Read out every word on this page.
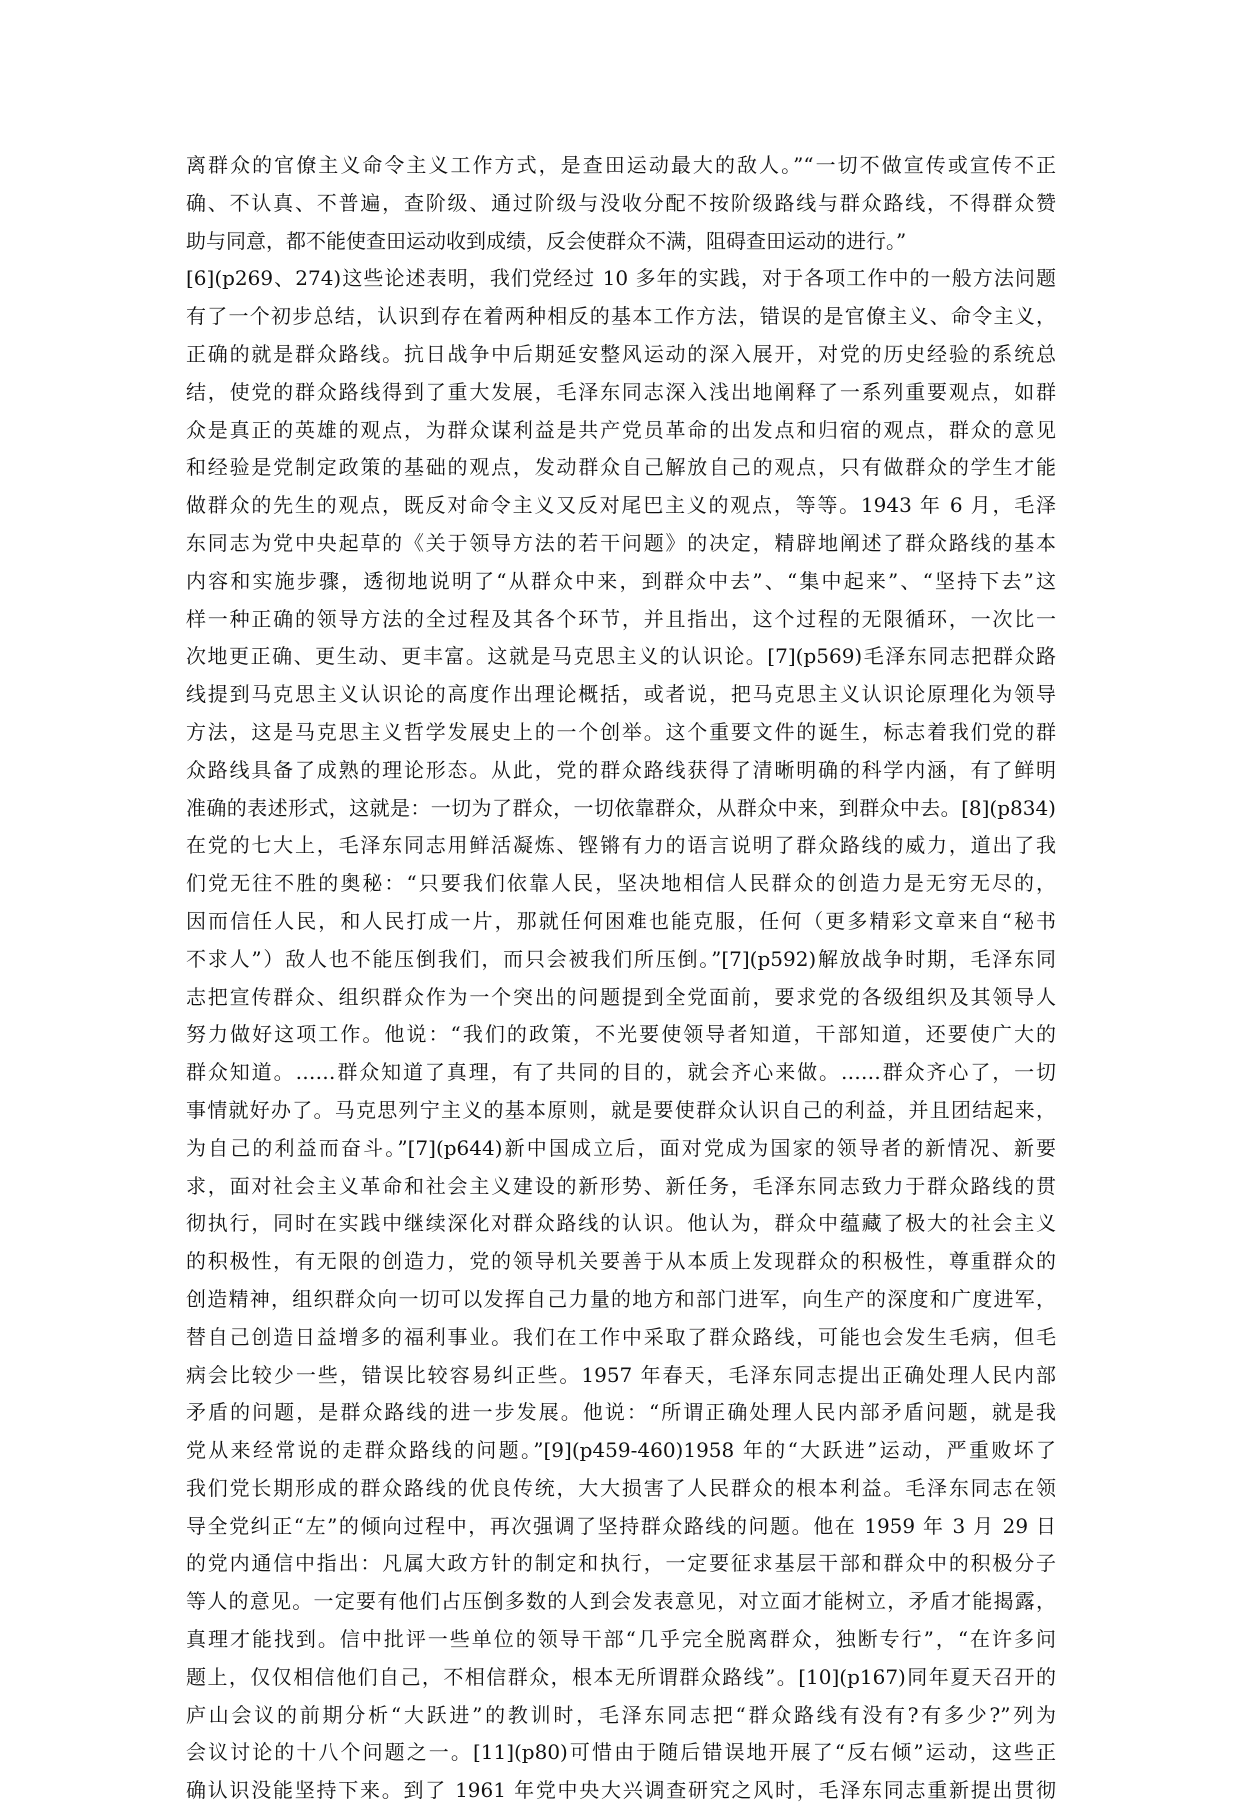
离群众的官僚主义命令主义工作方式，是查田运动最大的敌人。”“一切不做宣传或宣传不正
确、不认真、不普遍，查阶级、通过阶级与没收分配不按阶级路线与群众路线，不得群众赞
助与同意，都不能使查田运动收到成绩，反会使群众不满，阻碍查田运动的进行。”
[6](p269、274)这些论述表明，我们党经过 10 多年的实践，对于各项工作中的一般方法问题
有了一个初步总结，认识到存在着两种相反的基本工作方法，错误的是官僚主义、命令主义，
正确的就是群众路线。抗日战争中后期延安整风运动的深入展开，对党的历史经验的系统总
结，使党的群众路线得到了重大发展，毛泽东同志深入浅出地阐释了一系列重要观点，如群
众是真正的英雄的观点，为群众谋利益是共产党员革命的出发点和归宿的观点，群众的意见
和经验是党制定政策的基础的观点，发动群众自己解放自己的观点，只有做群众的学生才能
做群众的先生的观点，既反对命令主义又反对尾巴主义的观点，等等。1943 年 6 月，毛泽
东同志为党中央起草的《关于领导方法的若干问题》的决定，精辟地阐述了群众路线的基本
内容和实施步骤，透彻地说明了“从群众中来，到群众中去”、“集中起来”、“坚持下去”这
样一种正确的领导方法的全过程及其各个环节，并且指出，这个过程的无限循环，一次比一
次地更正确、更生动、更丰富。这就是马克思主义的认识论。[7](p569)毛泽东同志把群众路
线提到马克思主义认识论的高度作出理论概括，或者说，把马克思主义认识论原理化为领导
方法，这是马克思主义哲学发展史上的一个创举。这个重要文件的诞生，标志着我们党的群
众路线具备了成熟的理论形态。从此，党的群众路线获得了清晰明确的科学内涵，有了鲜明
准确的表述形式，这就是：一切为了群众，一切依靠群众，从群众中来，到群众中去。[8](p834)
在党的七大上，毛泽东同志用鲜活凝炼、铿锵有力的语言说明了群众路线的威力，道出了我
们党无往不胜的奥秘：“只要我们依靠人民，坚决地相信人民群众的创造力是无穷无尽的，
因而信任人民，和人民打成一片，那就任何困难也能克服，任何（更多精彩文章来自“秘书
不求人”）敌人也不能压倒我们，而只会被我们所压倒。”[7](p592)解放战争时期，毛泽东同
志把宣传群众、组织群众作为一个突出的问题提到全党面前，要求党的各级组织及其领导人
努力做好这项工作。他说：“我们的政策，不光要使领导者知道，干部知道，还要使广大的
群众知道。……群众知道了真理，有了共同的目的，就会齐心来做。……群众齐心了，一切
事情就好办了。马克思列宁主义的基本原则，就是要使群众认识自己的利益，并且团结起来，
为自己的利益而奋斗。”[7](p644)新中国成立后，面对党成为国家的领导者的新情况、新要
求，面对社会主义革命和社会主义建设的新形势、新任务，毛泽东同志致力于群众路线的贯
彻执行，同时在实践中继续深化对群众路线的认识。他认为，群众中蕴藏了极大的社会主义
的积极性，有无限的创造力，党的领导机关要善于从本质上发现群众的积极性，尊重群众的
创造精神，组织群众向一切可以发挥自己力量的地方和部门进军，向生产的深度和广度进军，
替自己创造日益增多的福利事业。我们在工作中采取了群众路线，可能也会发生毛病，但毛
病会比较少一些，错误比较容易纠正些。1957 年春天，毛泽东同志提出正确处理人民内部
矛盾的问题，是群众路线的进一步发展。他说：“所谓正确处理人民内部矛盾问题，就是我
党从来经常说的走群众路线的问题。”[9](p459-460)1958 年的“大跃进”运动，严重败坏了
我们党长期形成的群众路线的优良传统，大大损害了人民群众的根本利益。毛泽东同志在领
导全党纠正“左”的倾向过程中，再次强调了坚持群众路线的问题。他在 1959 年 3 月 29 日
的党内通信中指出：凡属大政方针的制定和执行，一定要征求基层干部和群众中的积极分子
等人的意见。一定要有他们占压倒多数的人到会发表意见，对立面才能树立，矛盾才能揭露，
真理才能找到。信中批评一些单位的领导干部“几乎完全脱离群众，独断专行”，“在许多问
题上，仅仅相信他们自己，不相信群众，根本无所谓群众路线”。[10](p167)同年夏天召开的
庐山会议的前期分析“大跃进”的教训时，毛泽东同志把“群众路线有没有?有多少?”列为
会议讨论的十八个问题之一。[11](p80)可惜由于随后错误地开展了“反右倾”运动，这些正
确认识没能坚持下来。到了 1961 年党中央大兴调查研究之风时，毛泽东同志重新提出贯彻
